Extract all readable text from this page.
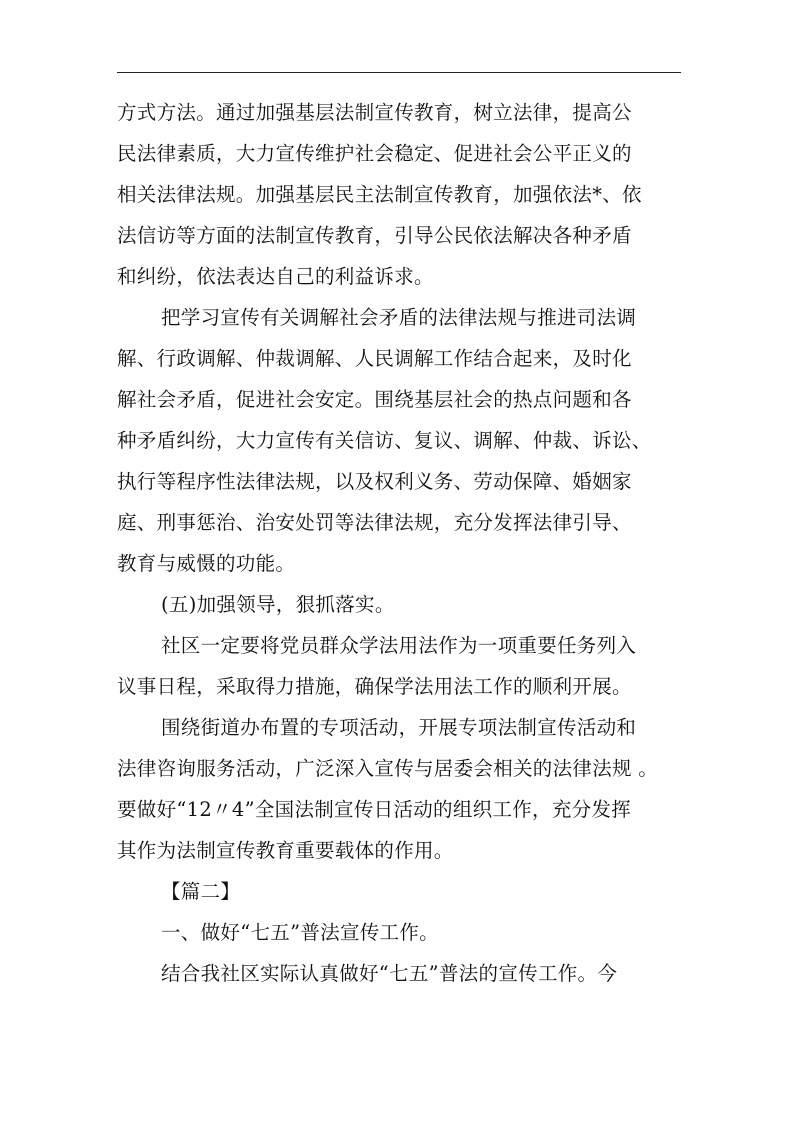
方式方法。通过加强基层法制宣传教育，树立法律，提高公
民法律素质，大力宣传维护社会稳定、促进社会公平正义的
相关法律法规。加强基层民主法制宣传教育，加强依法*、依
法信访等方面的法制宣传教育，引导公民依法解决各种矛盾
和纠纷，依法表达自己的利益诉求。
把学习宣传有关调解社会矛盾的法律法规与推进司法调
解、行政调解、仲裁调解、人民调解工作结合起来，及时化
解社会矛盾，促进社会安定。围绕基层社会的热点问题和各
种矛盾纠纷，大力宣传有关信访、复议、调解、仲裁、诉讼、
执行等程序性法律法规，以及权利义务、劳动保障、婚姻家
庭、刑事惩治、治安处罚等法律法规，充分发挥法律引导、
教育与威慑的功能。
(五)加强领导，狠抓落实。
社区一定要将党员群众学法用法作为一项重要任务列入
议事日程，采取得力措施，确保学法用法工作的顺利开展。
围绕街道办布置的专项活动，开展专项法制宣传活动和
法律咨询服务活动，广泛深入宣传与居委会相关的法律法规 。
要做好“12〃4”全国法制宣传日活动的组织工作，充分发挥
其作为法制宣传教育重要载体的作用。
【篇二】
一、做好“七五”普法宣传工作。
结合我社区实际认真做好“七五”普法的宣传工作。今
